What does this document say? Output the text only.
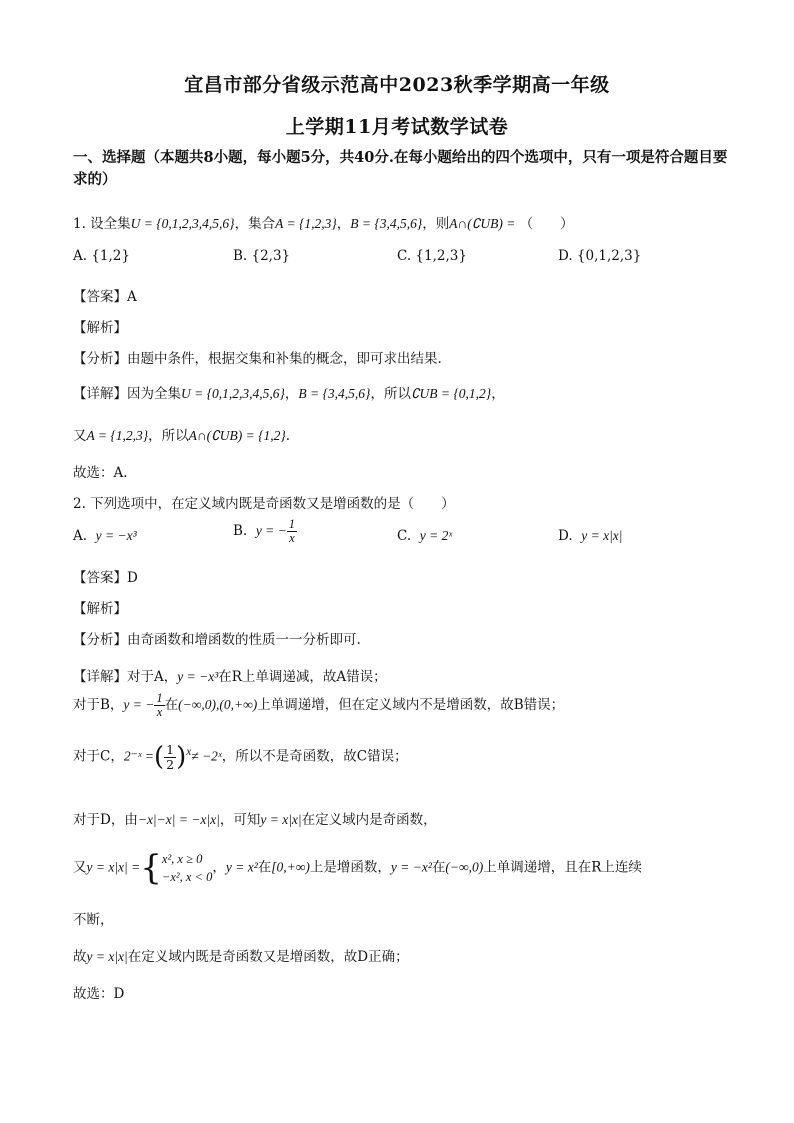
宜昌市部分省级示范高中2023秋季学期高一年级
上学期11月考试数学试卷
一、选择题（本题共8小题，每小题5分，共40分.在每小题给出的四个选项中，只有一项是符合题目要求的）
1. 设全集U = {0,1,2,3,4,5,6}，集合A = {1,2,3}，B = {3,4,5,6}，则A∩(∁UB) = （　　）
A. {1,2}	B. {2,3}	C. {1,2,3}	D. {0,1,2,3}
【答案】A
【解析】
【分析】由题中条件，根据交集和补集的概念，即可求出结果.
【详解】因为全集U = {0,1,2,3,4,5,6}，B = {3,4,5,6}，所以∁UB = {0,1,2}，
又A = {1,2,3}，所以A∩(∁UB) = {1,2}.
故选：A.
2. 下列选项中，在定义域内既是奇函数又是增函数的是（　　）
A. y = −x³	B. y = − $\frac{1}{x}$	C. y = 2ˣ	D. y = x|x|
【答案】D
【解析】
【分析】由奇函数和增函数的性质一一分析即可.
【详解】对于A，y = −x³在R上单调递减，故A错误；
对于B，y = − $\frac{1}{x}$ 在(−∞,0),(0,+∞)上单调递增，但在定义域内不是增函数，故B错误；
对于C，2⁻ˣ =( $\frac{1}{2} )^x\ne$ −2ˣ，所以不是奇函数，故C错误；
对于D，由−x|−x| = −x|x|，可知y = x|x|在定义域内是奇函数，
又y = x|x| ={ x², x ≥ 0
−x², x < 0
，y = x²在[0,+∞)上是增函数，y = −x²在(−∞,0)上单调递增，且在R上连续
不断，
故y = x|x|在定义域内既是奇函数又是增函数，故D正确；
故选：D
